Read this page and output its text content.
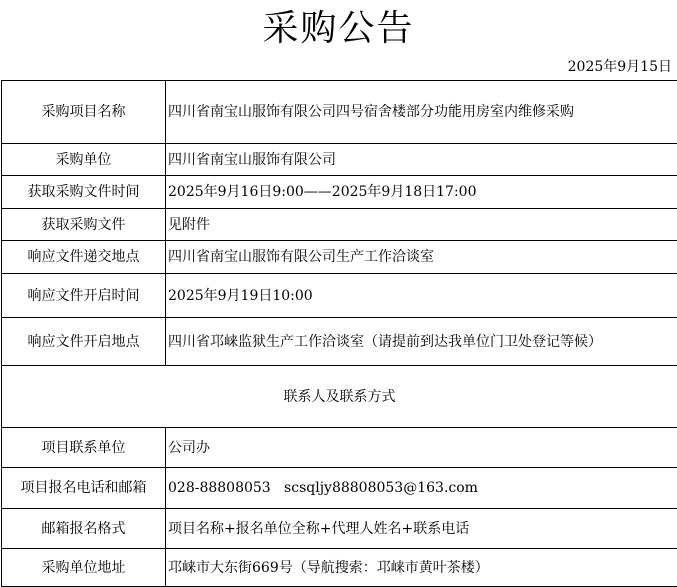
采购公告
2025年9月15日
采购项目名称	四川省南宝山服饰有限公司四号宿舍楼部分功能用房室内维修采购
采购单位	四川省南宝山服饰有限公司
获取采购文件时间	2025年9月16日9:00——2025年9月18日17:00
获取采购文件	见附件
响应文件递交地点	四川省南宝山服饰有限公司生产工作洽谈室
响应文件开启时间	2025年9月19日10:00
响应文件开启地点	四川省邛崃监狱生产工作洽谈室（请提前到达我单位门卫处登记等候）
联系人及联系方式	
项目联系单位	公司办
项目报名电话和邮箱	028-88808053   scsqljy88808053@163.com
邮箱报名格式	项目名称+报名单位全称+代理人姓名+联系电话
采购单位地址	邛崃市大东街669号（导航搜索：邛崃市黄叶茶楼）
